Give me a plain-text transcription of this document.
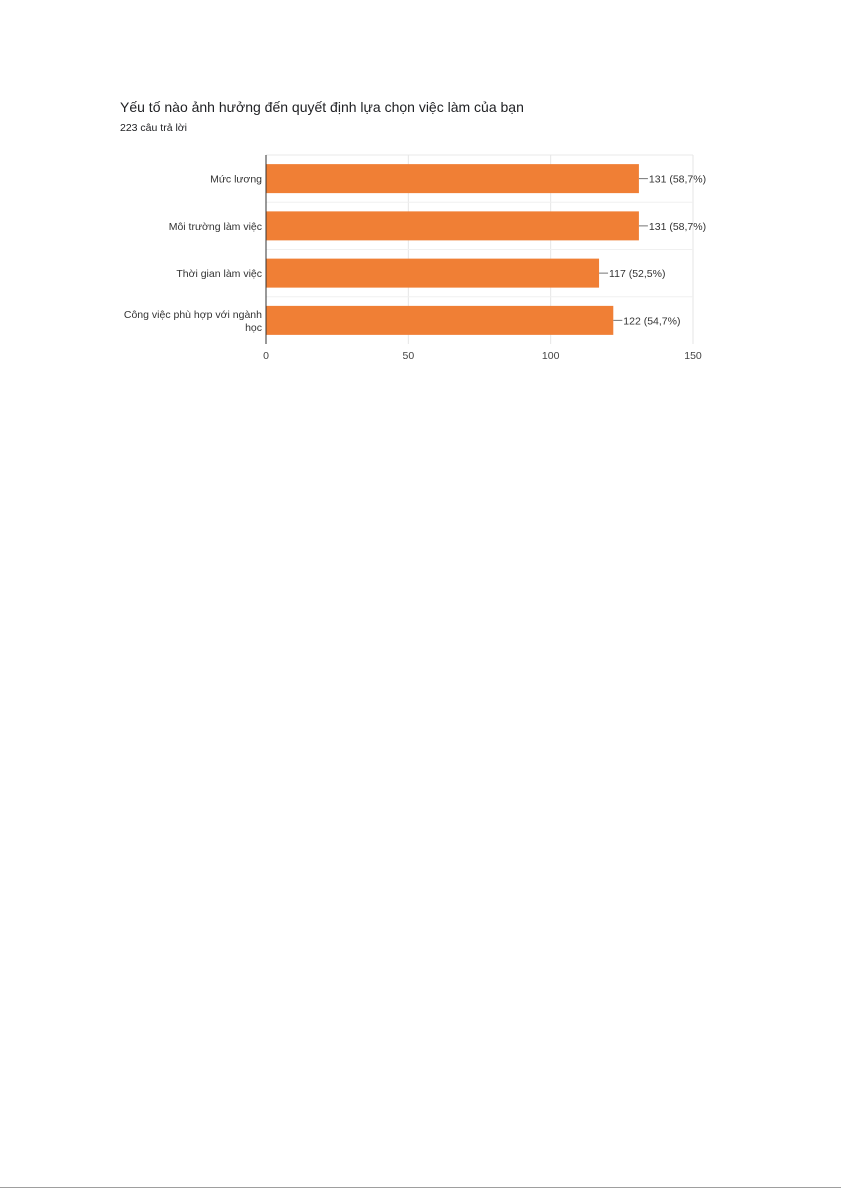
Yếu tố nào ảnh hưởng đến quyết định lựa chọn việc làm của bạn
223 câu trả lời
0	50	100	150
131 (58,7%)
Mức lương
131 (58,7%)
Môi trường làm việc
117 (52,5%)
Thời gian làm việc
122 (54,7%)
Công việc phù hợp với ngành
học
